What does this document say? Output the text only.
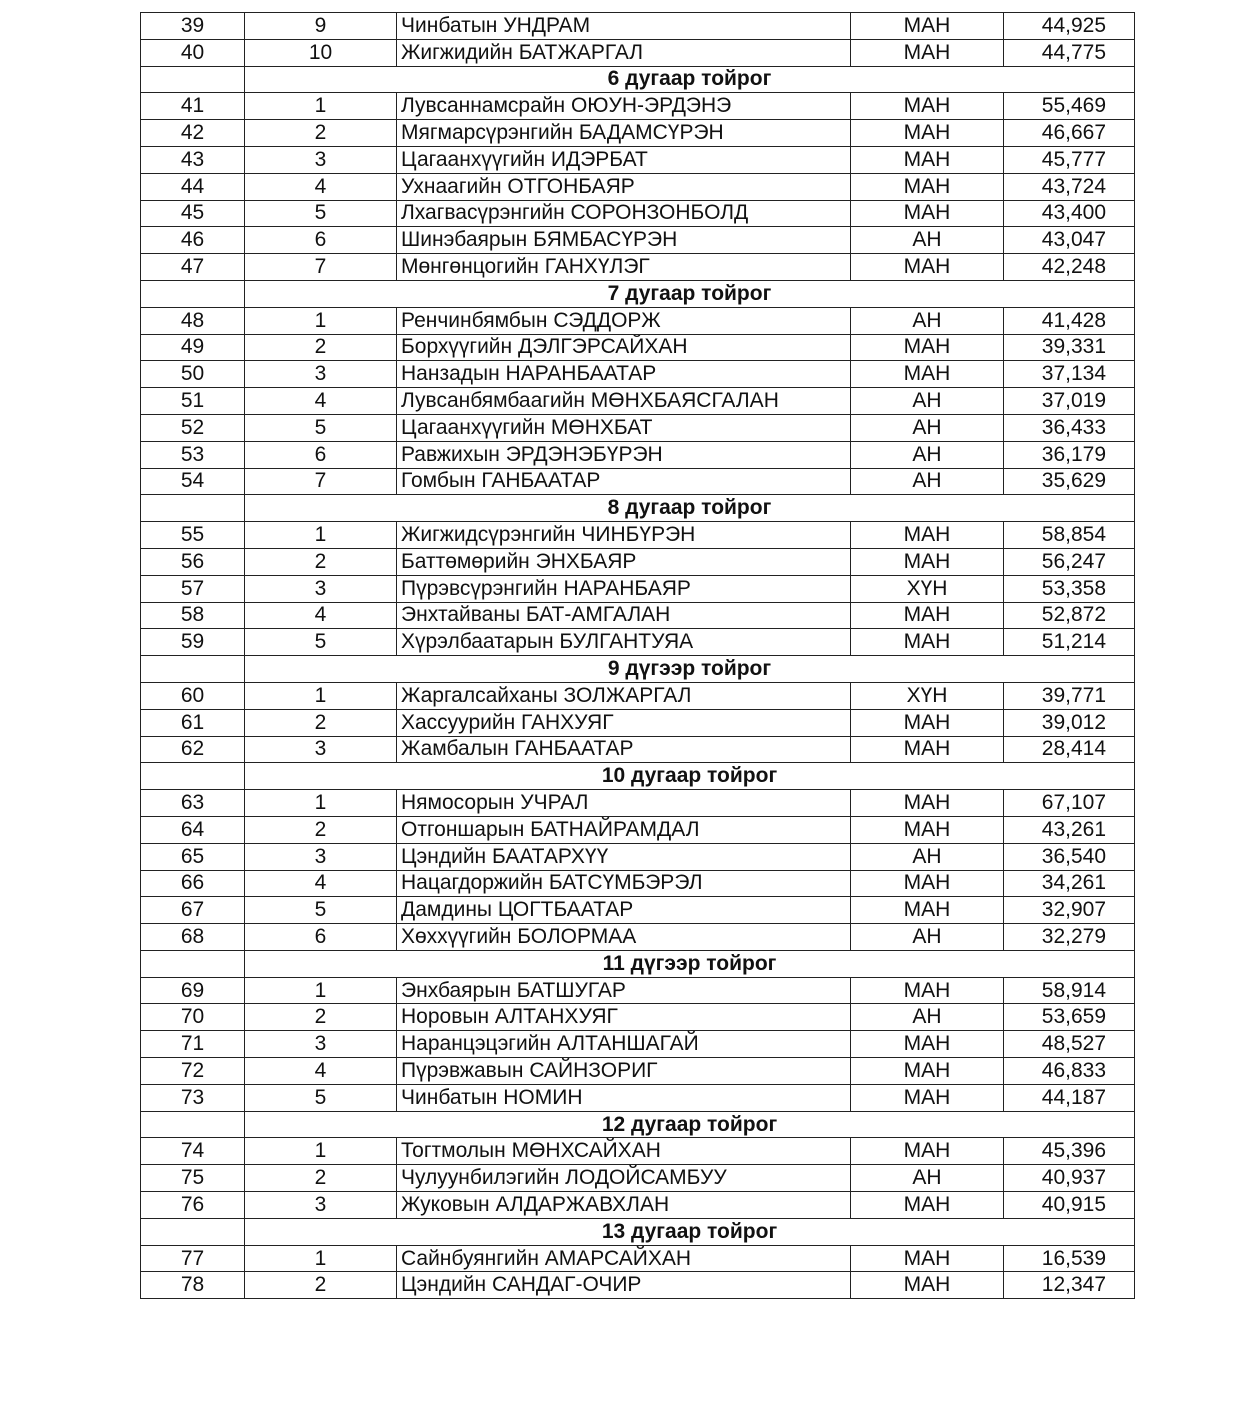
39	9	Чинбатын УНДРАМ	МАН	44,925
40	10	Жигжидийн БАТЖАРГАЛ	МАН	44,775
	6 дугаар тойрог			
41	1	Лувсаннамсрайн ОЮУН-ЭРДЭНЭ	МАН	55,469
42	2	Мягмарсүрэнгийн БАДАМСҮРЭН	МАН	46,667
43	3	Цагаанхүүгийн ИДЭРБАТ	МАН	45,777
44	4	Ухнаагийн ОТГОНБАЯР	МАН	43,724
45	5	Лхагвасүрэнгийн СОРОНЗОНБОЛД	МАН	43,400
46	6	Шинэбаярын БЯМБАСҮРЭН	АН	43,047
47	7	Мөнгөнцогийн ГАНХҮЛЭГ	МАН	42,248
	7 дугаар тойрог			
48	1	Ренчинбямбын СЭДДОРЖ	АН	41,428
49	2	Борхүүгийн ДЭЛГЭРСАЙХАН	МАН	39,331
50	3	Нанзадын НАРАНБААТАР	МАН	37,134
51	4	Лувсанбямбаагийн МӨНХБАЯСГАЛАН	АН	37,019
52	5	Цагаанхүүгийн МӨНХБАТ	АН	36,433
53	6	Равжихын ЭРДЭНЭБҮРЭН	АН	36,179
54	7	Гомбын ГАНБААТАР	АН	35,629
	8 дугаар тойрог			
55	1	Жигжидсүрэнгийн ЧИНБҮРЭН	МАН	58,854
56	2	Баттөмөрийн ЭНХБАЯР	МАН	56,247
57	3	Пүрэвсүрэнгийн НАРАНБАЯР	ХҮН	53,358
58	4	Энхтайваны БАТ-АМГАЛАН	МАН	52,872
59	5	Хүрэлбаатарын БУЛГАНТУЯА	МАН	51,214
	9 дүгээр тойрог			
60	1	Жаргалсайханы ЗОЛЖАРГАЛ	ХҮН	39,771
61	2	Хассуурийн ГАНХУЯГ	МАН	39,012
62	3	Жамбалын ГАНБААТАР	МАН	28,414
	10 дугаар тойрог			
63	1	Нямосорын УЧРАЛ	МАН	67,107
64	2	Отгоншарын БАТНАЙРАМДАЛ	МАН	43,261
65	3	Цэндийн БААТАРХҮҮ	АН	36,540
66	4	Нацагдоржийн БАТСҮМБЭРЭЛ	МАН	34,261
67	5	Дамдины ЦОГТБААТАР	МАН	32,907
68	6	Хөххүүгийн БОЛОРМАА	АН	32,279
	11 дүгээр тойрог			
69	1	Энхбаярын БАТШУГАР	МАН	58,914
70	2	Норовын АЛТАНХУЯГ	АН	53,659
71	3	Наранцэцэгийн АЛТАНШАГАЙ	МАН	48,527
72	4	Пүрэвжавын САЙНЗОРИГ	МАН	46,833
73	5	Чинбатын НОМИН	МАН	44,187
	12 дугаар тойрог			
74	1	Тогтмолын МӨНХСАЙХАН	МАН	45,396
75	2	Чулуунбилэгийн ЛОДОЙСАМБУУ	АН	40,937
76	3	Жуковын АЛДАРЖАВХЛАН	МАН	40,915
	13 дугаар тойрог			
77	1	Сайнбуянгийн АМАРСАЙХАН	МАН	16,539
78	2	Цэндийн САНДАГ-ОЧИР	МАН	12,347
